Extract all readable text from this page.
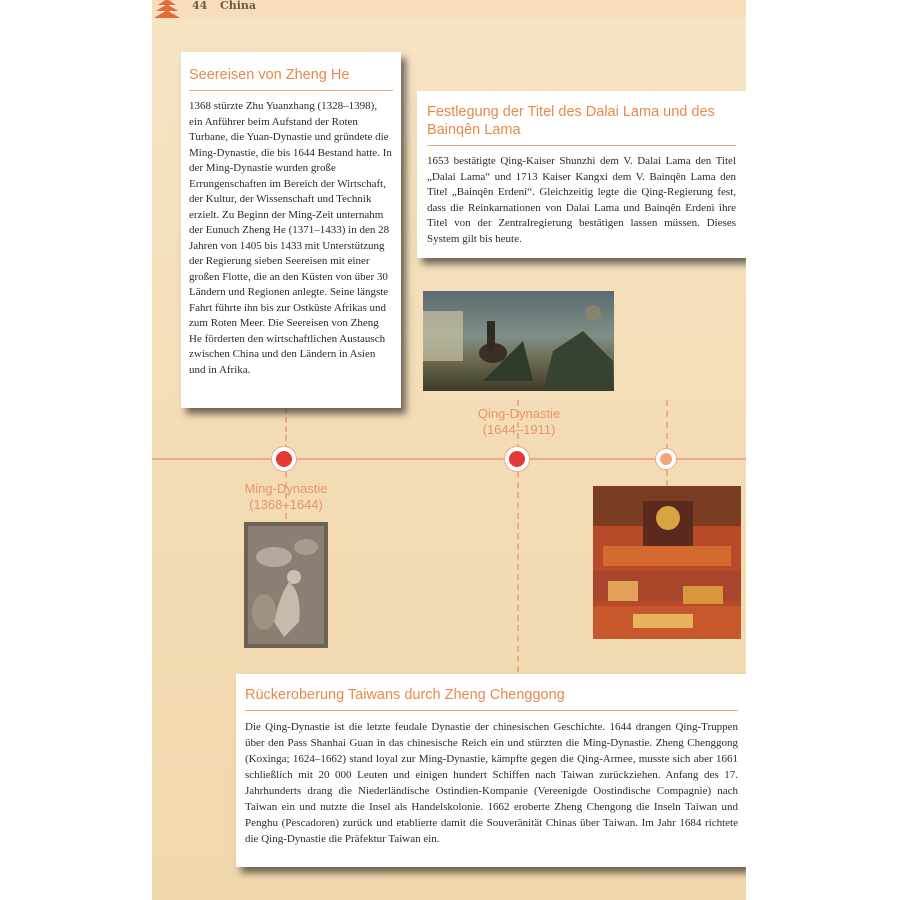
44 China
Ming-Dynastie
(1368–1644)
Qing-Dynastie
(1644–1911)
Seereisen von Zheng He
1368 stürzte Zhu Yuanzhang (1328–1398), ein Anführer beim Aufstand der Roten Turbane, die Yuan-Dynastie und gründete die Ming-Dynastie, die bis 1644 Bestand hatte. In der Ming-Dynastie wurden große Errungenschaften im Bereich der Wirtschaft, der Kultur, der Wissenschaft und Technik erzielt. Zu Beginn der Ming-Zeit unternahm der Eunuch Zheng He (1371–1433) in den 28 Jahren von 1405 bis 1433 mit Unterstützung der Regierung sieben Seereisen mit einer großen Flotte, die an den Küsten von über 30 Ländern und Regionen anlegte. Seine längste Fahrt führte ihn bis zur Ostküste Afrikas und zum Roten Meer. Die Seereisen von Zheng He förderten den wirtschaftlichen Austausch zwischen China und den Ländern in Asien und in Afrika.
Festlegung der Titel des Dalai Lama und des Bainqên Lama
1653 bestätigte Qing-Kaiser Shunzhi dem V. Dalai Lama den Titel „Dalai Lama“ und 1713 Kaiser Kangxi dem V. Bainqên Lama den Titel „Bainqên Erdeni“. Gleichzeitig legte die Qing-Regierung fest, dass die Reinkarnationen von Dalai Lama und Bainqên Erdeni ihre Titel von der Zentralregierung bestätigen lassen müssen. Dieses System gilt bis heute.
Rückeroberung Taiwans durch Zheng Chenggong
Die Qing-Dynastie ist die letzte feudale Dynastie der chinesischen Geschichte. 1644 drangen Qing-Truppen über den Pass Shanhai Guan in das chinesische Reich ein und stürzten die Ming-Dynastie. Zheng Chenggong (Koxinga; 1624–1662) stand loyal zur Ming-Dynastie, kämpfte gegen die Qing-Armee, musste sich aber 1661 schließlich mit 20 000 Leuten und einigen hundert Schiffen nach Taiwan zurückziehen. Anfang des 17. Jahrhunderts drang die Niederländische Ostindien-Kompanie (Vereenigde Oostindische Compagnie) nach Taiwan ein und nutzte die Insel als Handelskolonie. 1662 eroberte Zheng Chengong die Inseln Taiwan und Penghu (Pescadoren) zurück und etablierte damit die Souveränität Chinas über Taiwan. Im Jahr 1684 richtete die Qing-Dynastie die Präfektur Taiwan ein.
